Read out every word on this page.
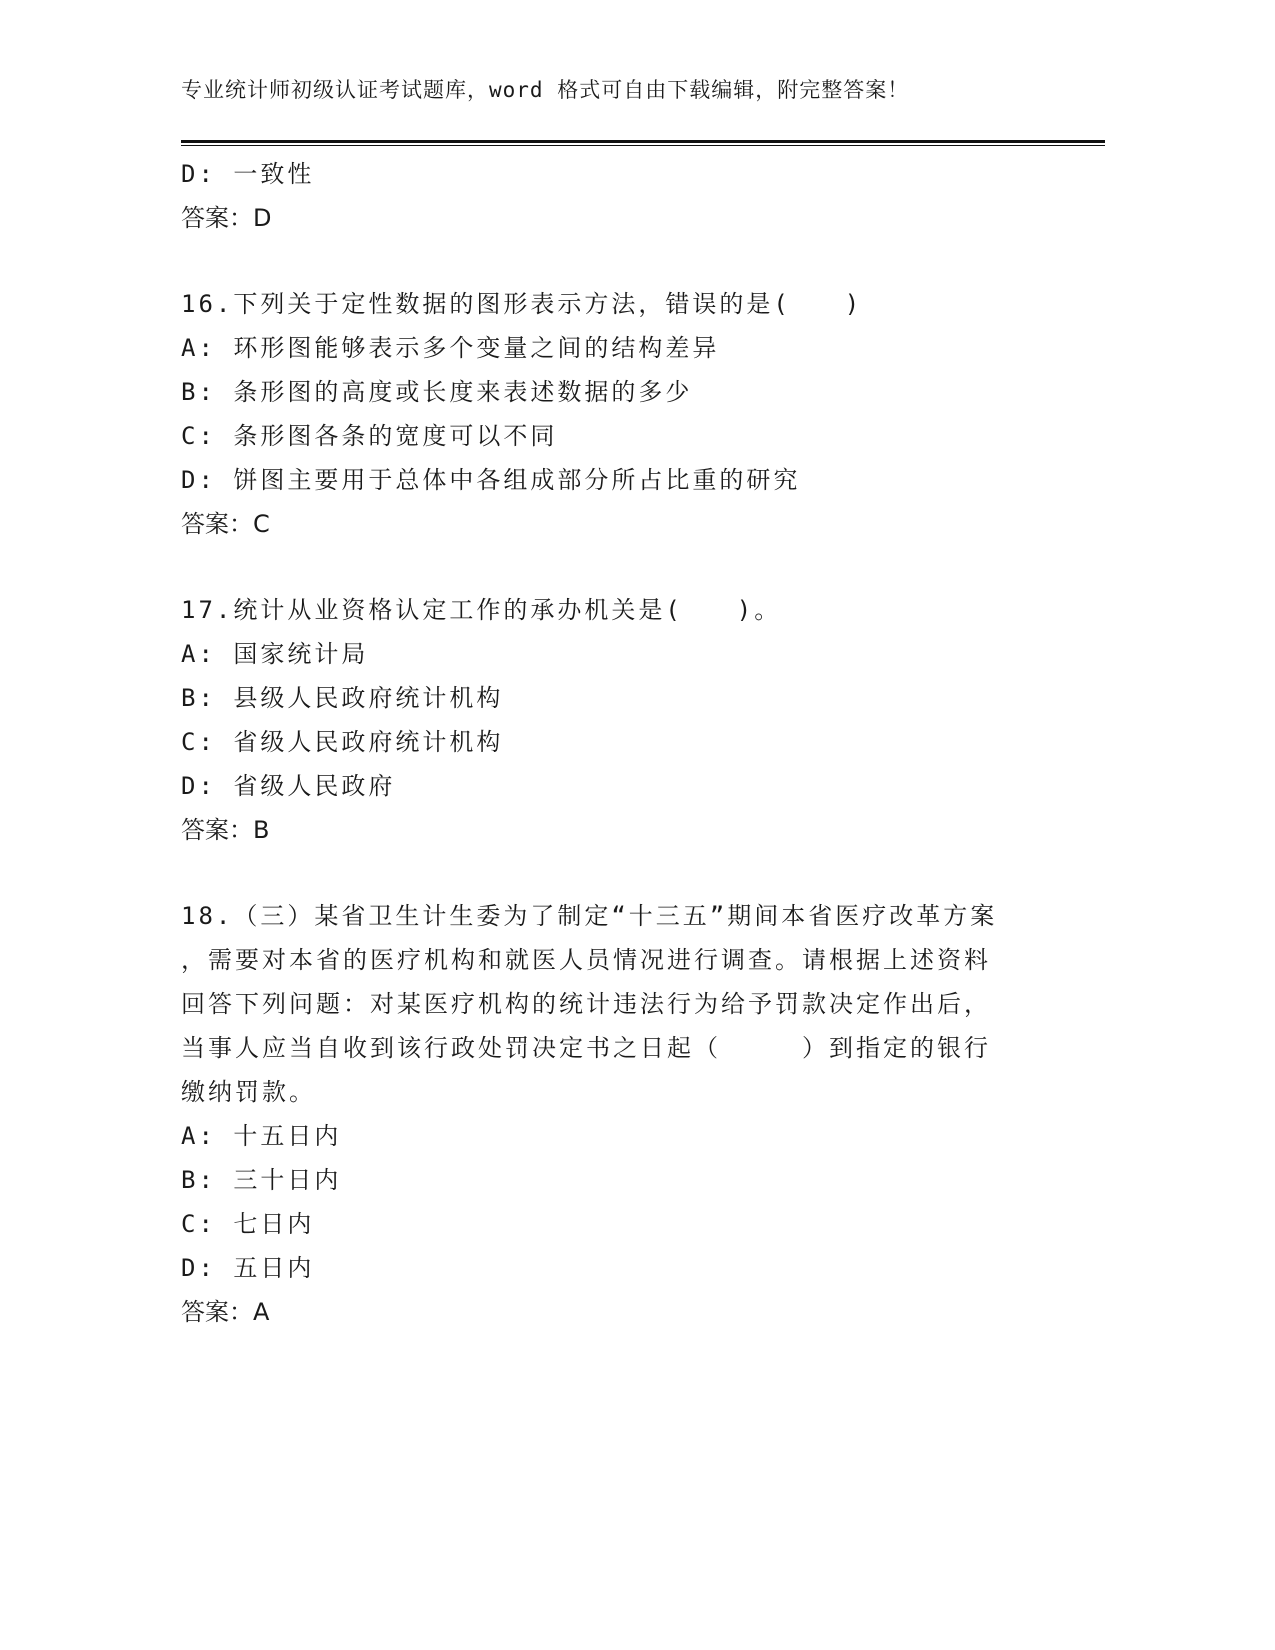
专业统计师初级认证考试题库，word 格式可自由下载编辑，附完整答案！
D: 一致性
答案：D
16.下列关于定性数据的图形表示方法，错误的是(　　)
A: 环形图能够表示多个变量之间的结构差异
B: 条形图的高度或长度来表述数据的多少
C: 条形图各条的宽度可以不同
D: 饼图主要用于总体中各组成部分所占比重的研究
答案：C
17.统计从业资格认定工作的承办机关是(　　)。
A: 国家统计局
B: 县级人民政府统计机构
C: 省级人民政府统计机构
D: 省级人民政府
答案：B
18.（三）某省卫生计生委为了制定“十三五”期间本省医疗改革方案
，需要对本省的医疗机构和就医人员情况进行调查。请根据上述资料
回答下列问题：对某医疗机构的统计违法行为给予罚款决定作出后，
当事人应当自收到该行政处罚决定书之日起（　　　）到指定的银行
缴纳罚款。
A: 十五日内
B: 三十日内
C: 七日内
D: 五日内
答案：A
